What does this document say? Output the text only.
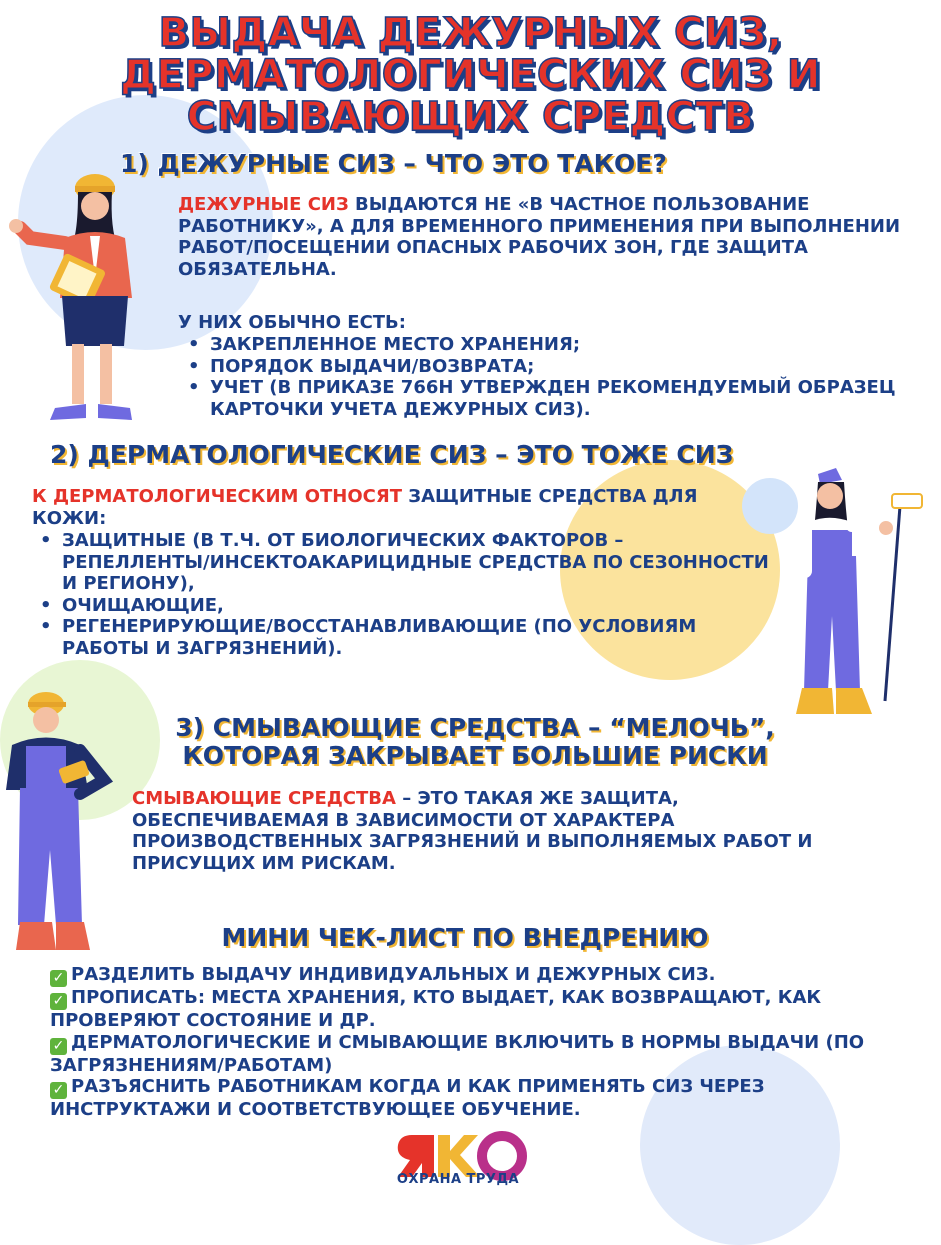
ВЫДАЧА ДЕЖУРНЫХ СИЗ,
ДЕРМАТОЛОГИЧЕСКИХ СИЗ И
СМЫВАЮЩИХ СРЕДСТВ
1) ДЕЖУРНЫЕ СИЗ – ЧТО ЭТО ТАКОЕ?
ДЕЖУРНЫЕ СИЗ ВЫДАЮТСЯ НЕ «В ЧАСТНОЕ ПОЛЬЗОВАНИЕ РАБОТНИКУ», А ДЛЯ ВРЕМЕННОГО ПРИМЕНЕНИЯ ПРИ ВЫПОЛНЕНИИ РАБОТ/ПОСЕЩЕНИИ ОПАСНЫХ РАБОЧИХ ЗОН, ГДЕ ЗАЩИТА ОБЯЗАТЕЛЬНА.
У НИХ ОБЫЧНО ЕСТЬ:
• ЗАКРЕПЛЕННОЕ МЕСТО ХРАНЕНИЯ;
• ПОРЯДОК ВЫДАЧИ/ВОЗВРАТА;
• УЧЕТ (В ПРИКАЗЕ 766Н УТВЕРЖДЕН РЕКОМЕНДУЕМЫЙ ОБРАЗЕЦ КАРТОЧКИ УЧЕТА ДЕЖУРНЫХ СИЗ).
2) ДЕРМАТОЛОГИЧЕСКИЕ СИЗ – ЭТО ТОЖЕ СИЗ
К ДЕРМАТОЛОГИЧЕСКИМ ОТНОСЯТ ЗАЩИТНЫЕ СРЕДСТВА ДЛЯ КОЖИ:
• ЗАЩИТНЫЕ (В Т.Ч. ОТ БИОЛОГИЧЕСКИХ ФАКТОРОВ – РЕПЕЛЛЕНТЫ/ИНСЕКТОАКАРИЦИДНЫЕ СРЕДСТВА ПО СЕЗОННОСТИ И РЕГИОНУ),
• ОЧИЩАЮЩИЕ,
• РЕГЕНЕРИРУЮЩИЕ/ВОССТАНАВЛИВАЮЩИЕ (ПО УСЛОВИЯМ РАБОТЫ И ЗАГРЯЗНЕНИЙ).
3) СМЫВАЮЩИЕ СРЕДСТВА – “МЕЛОЧЬ”,
КОТОРАЯ ЗАКРЫВАЕТ БОЛЬШИЕ РИСКИ
СМЫВАЮЩИЕ СРЕДСТВА – ЭТО ТАКАЯ ЖЕ ЗАЩИТА, ОБЕСПЕЧИВАЕМАЯ В ЗАВИСИМОСТИ ОТ ХАРАКТЕРА ПРОИЗВОДСТВЕННЫХ ЗАГРЯЗНЕНИЙ И ВЫПОЛНЯЕМЫХ РАБОТ И ПРИСУЩИХ ИМ РИСКАМ.
МИНИ ЧЕК-ЛИСТ ПО ВНЕДРЕНИЮ
✓ РАЗДЕЛИТЬ ВЫДАЧУ ИНДИВИДУАЛЬНЫХ И ДЕЖУРНЫХ СИЗ.
✓ ПРОПИСАТЬ: МЕСТА ХРАНЕНИЯ, КТО ВЫДАЕТ, КАК ВОЗВРАЩАЮТ, КАК ПРОВЕРЯЮТ СОСТОЯНИЕ И ДР.
✓ ДЕРМАТОЛОГИЧЕСКИЕ И СМЫВАЮЩИЕ ВКЛЮЧИТЬ В НОРМЫ ВЫДАЧИ (ПО ЗАГРЯЗНЕНИЯМ/РАБОТАМ)
✓ РАЗЪЯСНИТЬ РАБОТНИКАМ КОГДА И КАК ПРИМЕНЯТЬ СИЗ ЧЕРЕЗ ИНСТРУКТАЖИ И СООТВЕТСТВУЮЩЕЕ ОБУЧЕНИЕ.
ОХРАНА ТРУДА
